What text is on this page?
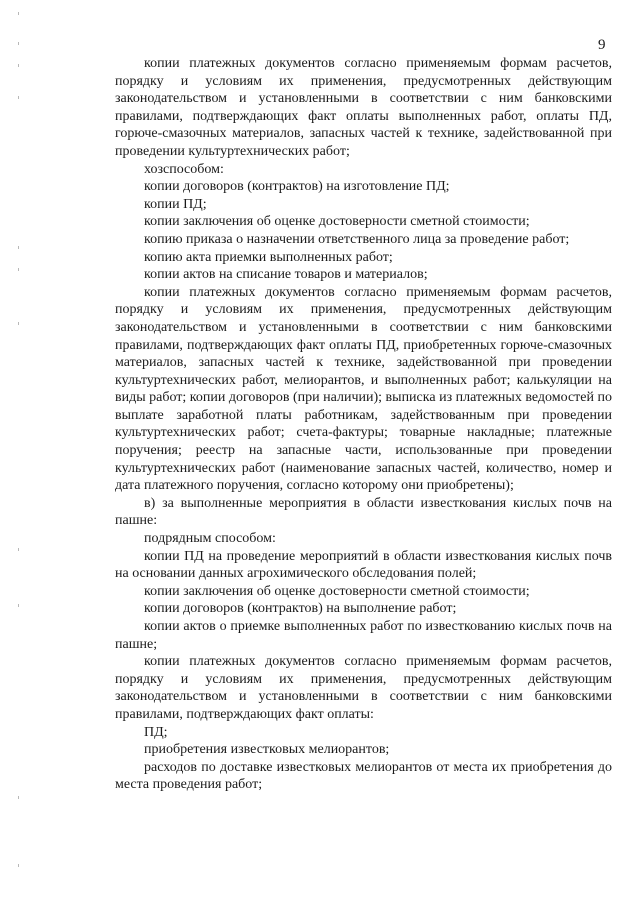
9

копии платежных документов согласно применяемым формам расчетов, порядку и условиям их применения, предусмотренных действующим законодательством и установленными в соответствии с ним банковскими правилами, подтверждающих факт оплаты выполненных работ, оплаты ПД, горюче-смазочных материалов, запасных частей к технике, задействованной при проведении культуртехнических работ;

хозспособом:

копии договоров (контрактов) на изготовление ПД;

копии ПД;

копии заключения об оценке достоверности сметной стоимости;

копию приказа о назначении ответственного лица за проведение работ;

копию акта приемки выполненных работ;

копии актов на списание товаров и материалов;

копии платежных документов согласно применяемым формам расчетов, порядку и условиям их применения, предусмотренных действующим законодательством и установленными в соответствии с ним банковскими правилами, подтверждающих факт оплаты ПД, приобретенных горюче-смазочных материалов, запасных частей к технике, задействованной при проведении культуртехнических работ, мелиорантов, и выполненных работ; калькуляции на виды работ; копии договоров (при наличии); выписка из платежных ведомостей по выплате заработной платы работникам, задействованным при проведении культуртехнических работ; счета-фактуры; товарные накладные; платежные поручения; реестр на запасные части, использованные при проведении культуртехнических работ (наименование запасных частей, количество, номер и дата платежного поручения, согласно которому они приобретены);

в) за выполненные мероприятия в области известкования кислых почв на пашне:

подрядным способом:

копии ПД на проведение мероприятий в области известкования кислых почв на основании данных агрохимического обследования полей;

копии заключения об оценке достоверности сметной стоимости;

копии договоров (контрактов) на выполнение работ;

копии актов о приемке выполненных работ по известкованию кислых почв на пашне;

копии платежных документов согласно применяемым формам расчетов, порядку и условиям их применения, предусмотренных действующим законодательством и установленными в соответствии с ним банковскими правилами, подтверждающих факт оплаты:

ПД;

приобретения известковых мелиорантов;

расходов по доставке известковых мелиорантов от места их приобретения до места проведения работ;
